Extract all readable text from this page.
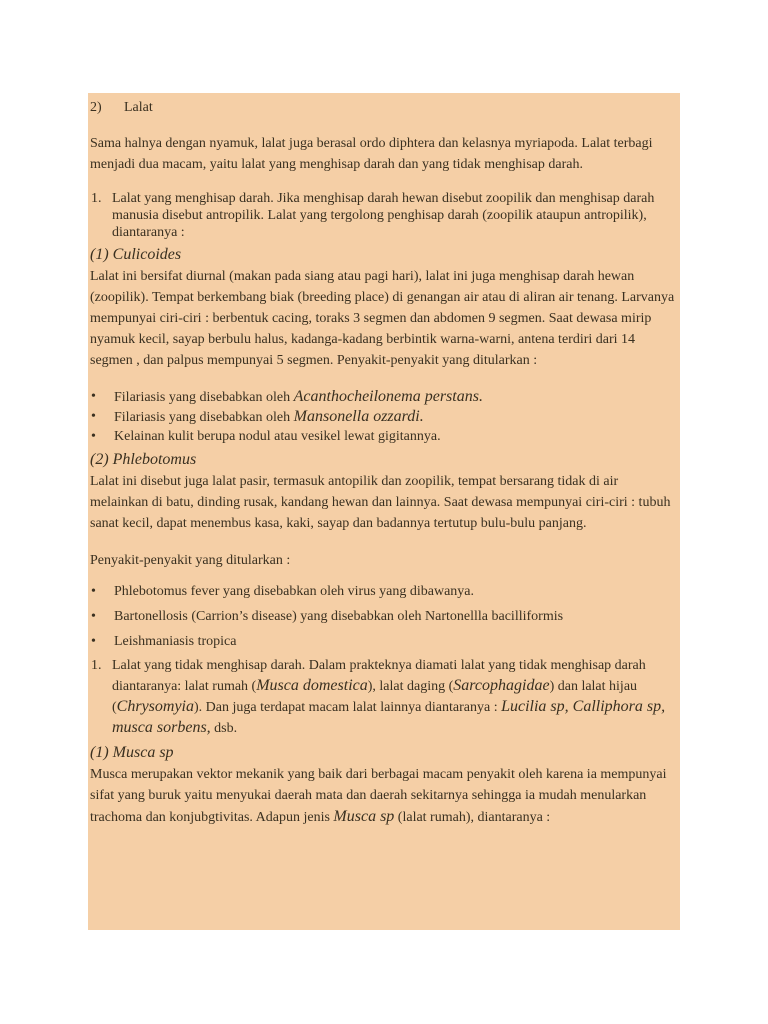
2) Lalat

Sama halnya dengan nyamuk, lalat juga berasal ordo diphtera dan kelasnya myriapoda. Lalat terbagi menjadi dua macam, yaitu lalat yang menghisap darah dan yang tidak menghisap darah.

1. Lalat yang menghisap darah. Jika menghisap darah hewan disebut zoopilik dan menghisap darah manusia disebut antropilik. Lalat yang tergolong penghisap darah (zoopilik ataupun antropilik), diantaranya :
(1) Culicoides

Lalat ini bersifat diurnal (makan pada siang atau pagi hari), lalat ini juga menghisap darah hewan (zoopilik). Tempat berkembang biak (breeding place) di genangan air atau di aliran air tenang. Larvanya mempunyai ciri-ciri : berbentuk cacing, toraks 3 segmen dan abdomen 9 segmen. Saat dewasa mirip nyamuk kecil, sayap berbulu halus, kadanga-kadang berbintik warna-warni, antena terdiri dari 14 segmen , dan palpus mempunyai 5 segmen. Penyakit-penyakit yang ditularkan :

• Filariasis yang disebabkan oleh Acanthocheilonema perstans.
• Filariasis yang disebabkan oleh Mansonella ozzardi.
• Kelainan kulit berupa nodul atau vesikel lewat gigitannya.
(2) Phlebotomus

Lalat ini disebut juga lalat pasir, termasuk antopilik dan zoopilik, tempat bersarang tidak di air melainkan di batu, dinding rusak, kandang hewan dan lainnya. Saat dewasa mempunyai ciri-ciri : tubuh sanat kecil, dapat menembus kasa, kaki, sayap dan badannya tertutup bulu-bulu panjang.

Penyakit-penyakit yang ditularkan :

• Phlebotomus fever yang disebabkan oleh virus yang dibawanya.
• Bartonellosis (Carrion’s disease) yang disebabkan oleh Nartonellla bacilliformis
• Leishmaniasis tropica
1. Lalat yang tidak menghisap darah. Dalam prakteknya diamati lalat yang tidak menghisap darah diantaranya: lalat rumah (Musca domestica), lalat daging (Sarcophagidae) dan lalat hijau (Chrysomyia). Dan juga terdapat macam lalat lainnya diantaranya : Lucilia sp, Calliphora sp, musca sorbens, dsb.
(1) Musca sp

Musca merupakan vektor mekanik yang baik dari berbagai macam penyakit oleh karena ia mempunyai sifat yang buruk yaitu menyukai daerah mata dan daerah sekitarnya sehingga ia mudah menularkan trachoma dan konjubgtivitas. Adapun jenis Musca sp (lalat rumah), diantaranya :
